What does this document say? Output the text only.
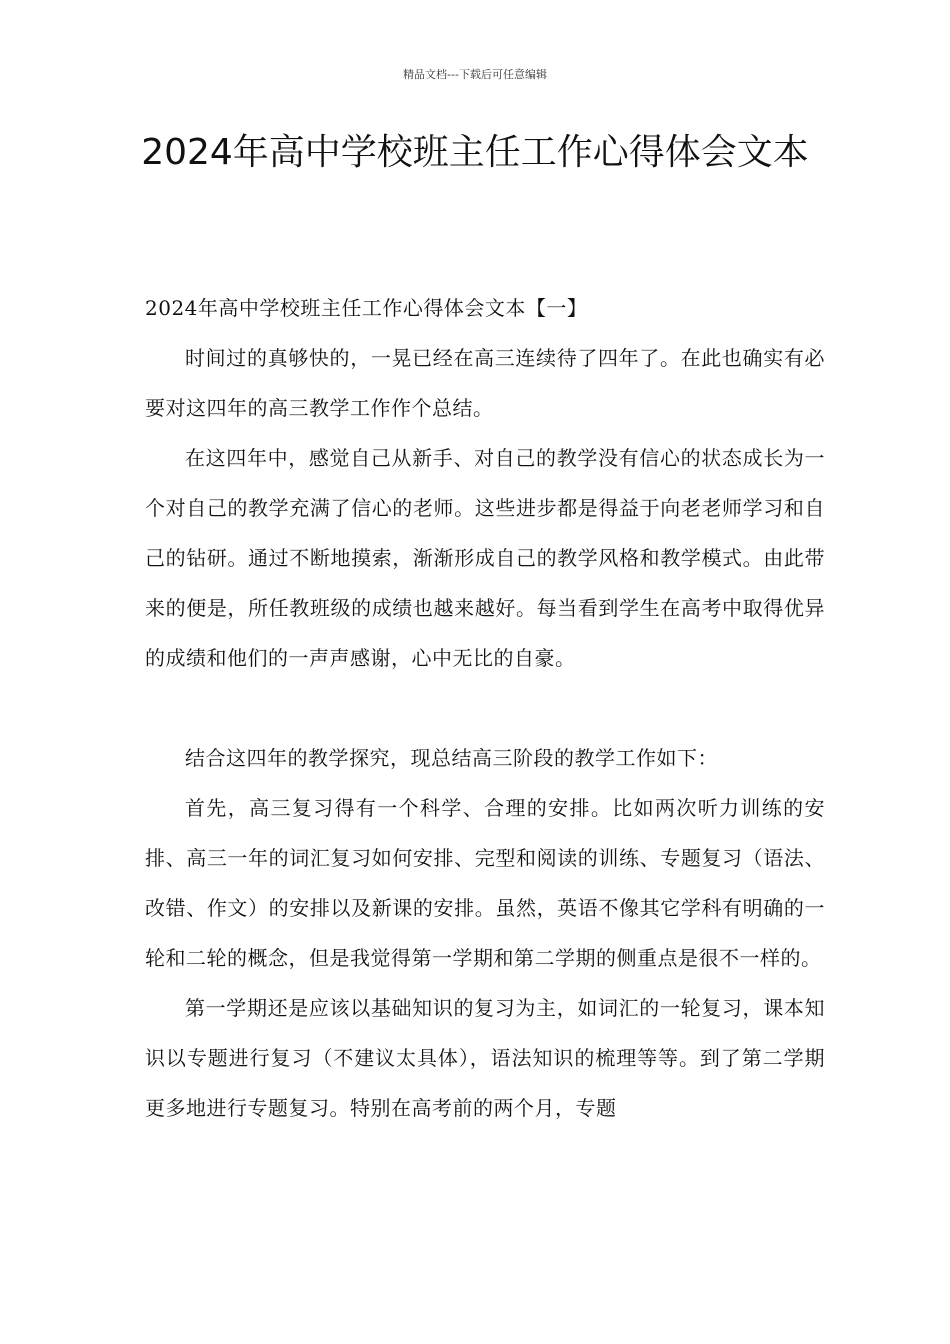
精品文档---下载后可任意编辑
2024年高中学校班主任工作心得体会文本

2024年高中学校班主任工作心得体会文本【一】

时间过的真够快的，一晃已经在高三连续待了四年了。在此也确实有必要对这四年的高三教学工作作个总结。

在这四年中，感觉自己从新手、对自己的教学没有信心的状态成长为一个对自己的教学充满了信心的老师。这些进步都是得益于向老老师学习和自己的钻研。通过不断地摸索，渐渐形成自己的教学风格和教学模式。由此带来的便是，所任教班级的成绩也越来越好。每当看到学生在高考中取得优异的成绩和他们的一声声感谢，心中无比的自豪。

结合这四年的教学探究，现总结高三阶段的教学工作如下：

首先，高三复习得有一个科学、合理的安排。比如两次听力训练的安排、高三一年的词汇复习如何安排、完型和阅读的训练、专题复习（语法、改错、作文）的安排以及新课的安排。虽然，英语不像其它学科有明确的一轮和二轮的概念，但是我觉得第一学期和第二学期的侧重点是很不一样的。

第一学期还是应该以基础知识的复习为主，如词汇的一轮复习，课本知识以专题进行复习（不建议太具体），语法知识的梳理等等。到了第二学期更多地进行专题复习。特别在高考前的两个月，专题
